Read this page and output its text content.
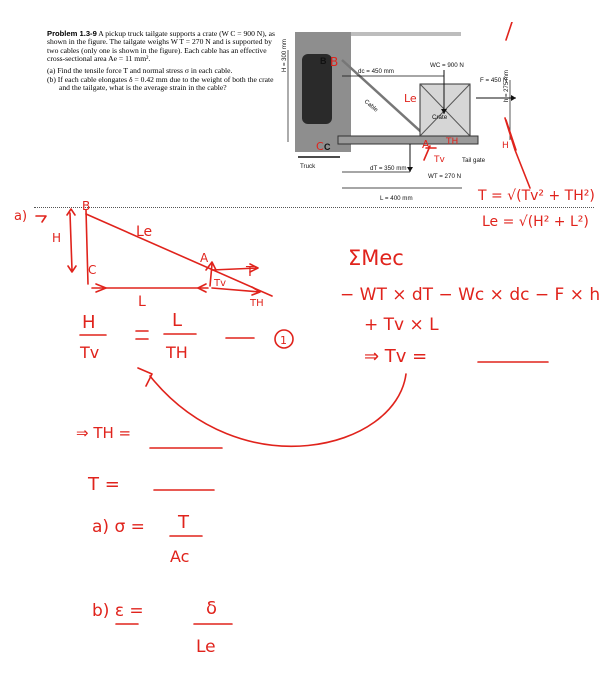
Problem 1.3-9 A pickup truck tailgate supports a crate (W C = 900 N), as shown in the figure. The tailgate weighs W T = 270 N and is supported by two cables (only one is shown in the figure). Each cable has an effective cross-sectional area Ae = 11 mm².
(a) Find the tensile force T and normal stress σ in each cable.
(b) If each cable elongates δ = 0.42 mm due to the weight of both the crate and the tailgate, what is the average strain in the cable?
B
C
dc = 450 mm
WC = 900 N
F = 450 N
H = 300 mm
h = 275 mm
Cable
Crate
Tail gate
Truck	dT = 350 mm
WT = 270 N
L = 400 mm
B
C	A
Le
Tv
TH	H
a)
B
H	Le
C
A
T
Tv
L	TH
T = √(Tv² + TH²)
Le = √(H² + L²)
ΣMec
− WT × dT − Wc × dc − F × h
+ Tv × L
⇒ Tv =
H
Tv
L
TH
1
⇒ TH =
T =
a) σ = T
Ac
b) ε =	δ
Le
